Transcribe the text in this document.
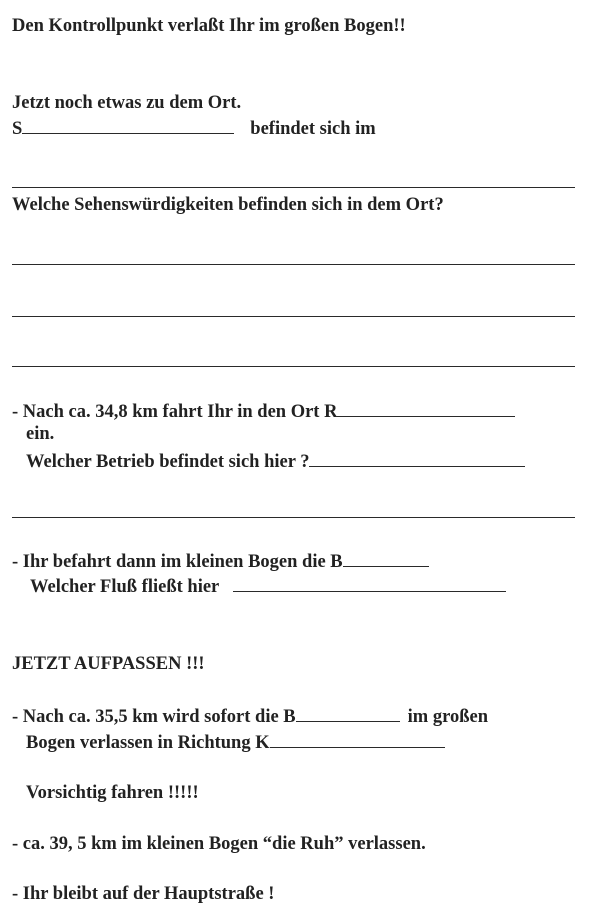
Den Kontrollpunkt verlaßt Ihr im großen Bogen!!
Jetzt noch etwas zu dem Ort.
S	befindet sich im
Welche Sehenswürdigkeiten befinden sich in dem Ort?
- Nach ca. 34,8 km fahrt Ihr in den Ort R
ein.
Welcher Betrieb befindet sich hier ?
- Ihr befahrt dann im kleinen Bogen die B
Welcher Fluß fließt hier
JETZT AUFPASSEN !!!
- Nach ca. 35,5 km wird sofort die B	im großen
Bogen verlassen in Richtung K
Vorsichtig fahren !!!!!
- ca. 39, 5 km im kleinen Bogen “die Ruh” verlassen.
- Ihr bleibt auf der Hauptstraße !
